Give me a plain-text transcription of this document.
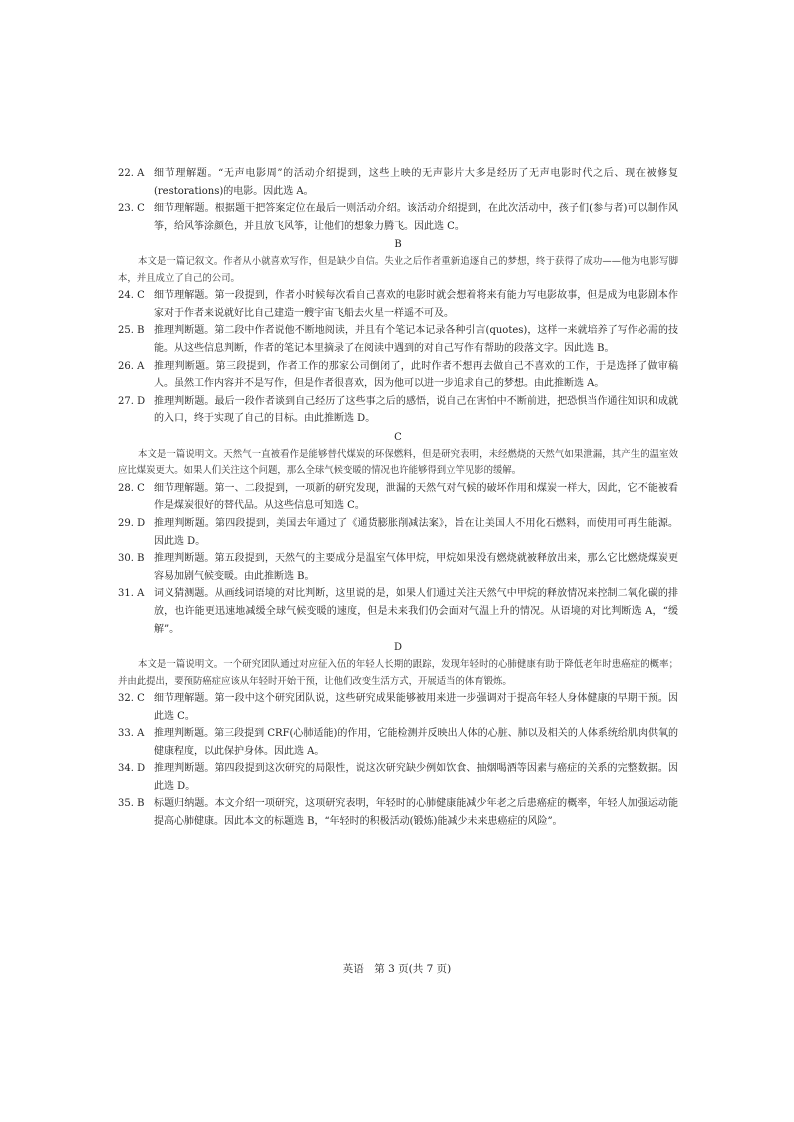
22. A 细节理解题。“无声电影周”的活动介绍提到，这些上映的无声影片大多是经历了无声电影时代之后、现在被修复(restorations)的电影。因此选 A。
23. C 细节理解题。根据题干把答案定位在最后一则活动介绍。该活动介绍提到，在此次活动中，孩子们(参与者)可以制作风筝，给风筝涂颜色，并且放飞风筝，让他们的想象力腾飞。因此选 C。
B
本文是一篇记叙文。作者从小就喜欢写作，但是缺少自信。失业之后作者重新追逐自己的梦想，终于获得了成功——他为电影写脚本，并且成立了自己的公司。
24. C 细节理解题。第一段提到，作者小时候每次看自己喜欢的电影时就会想着将来有能力写电影故事，但是成为电影剧本作家对于作者来说就好比自己建造一艘宇宙飞船去火星一样遥不可及。
25. B 推理判断题。第二段中作者说他不断地阅读，并且有个笔记本记录各种引言(quotes)，这样一来就培养了写作必需的技能。从这些信息判断，作者的笔记本里摘录了在阅读中遇到的对自己写作有帮助的段落文字。因此选 B。
26. A 推理判断题。第三段提到，作者工作的那家公司倒闭了，此时作者不想再去做自己不喜欢的工作，于是选择了做审稿人。虽然工作内容并不是写作，但是作者很喜欢，因为他可以进一步追求自己的梦想。由此推断选 A。
27. D 推理判断题。最后一段作者谈到自己经历了这些事之后的感悟，说自己在害怕中不断前进，把恐惧当作通往知识和成就的入口，终于实现了自己的目标。由此推断选 D。
C
本文是一篇说明文。天然气一直被看作是能够替代煤炭的环保燃料，但是研究表明，未经燃烧的天然气如果泄漏，其产生的温室效应比煤炭更大。如果人们关注这个问题，那么全球气候变暖的情况也许能够得到立竿见影的缓解。
28. C 细节理解题。第一、二段提到，一项新的研究发现，泄漏的天然气对气候的破坏作用和煤炭一样大，因此，它不能被看作是煤炭很好的替代品。从这些信息可知选 C。
29. D 推理判断题。第四段提到，美国去年通过了《通货膨胀削减法案》，旨在让美国人不用化石燃料，而使用可再生能源。因此选 D。
30. B 推理判断题。第五段提到，天然气的主要成分是温室气体甲烷，甲烷如果没有燃烧就被释放出来，那么它比燃烧煤炭更容易加剧气候变暖。由此推断选 B。
31. A 词义猜测题。从画线词语境的对比判断，这里说的是，如果人们通过关注天然气中甲烷的释放情况来控制二氧化碳的排放，也许能更迅速地减缓全球气候变暖的速度，但是未来我们仍会面对气温上升的情况。从语境的对比判断选 A，“缓解”。
D
本文是一篇说明文。一个研究团队通过对应征入伍的年轻人长期的跟踪，发现年轻时的心肺健康有助于降低老年时患癌症的概率；并由此提出，要预防癌症应该从年轻时开始干预，让他们改变生活方式，开展适当的体育锻炼。
32. C 细节理解题。第一段中这个研究团队说，这些研究成果能够被用来进一步强调对于提高年轻人身体健康的早期干预。因此选 C。
33. A 推理判断题。第三段提到 CRF(心肺适能)的作用，它能检测并反映出人体的心脏、肺以及相关的人体系统给肌肉供氧的健康程度，以此保护身体。因此选 A。
34. D 推理判断题。第四段提到这次研究的局限性，说这次研究缺少例如饮食、抽烟喝酒等因素与癌症的关系的完整数据。因此选 D。
35. B 标题归纳题。本文介绍一项研究，这项研究表明，年轻时的心肺健康能减少年老之后患癌症的概率，年轻人加强运动能提高心肺健康。因此本文的标题选 B，“年轻时的积极活动(锻炼)能减少未来患癌症的风险”。
英语　第 3 页(共 7 页)
